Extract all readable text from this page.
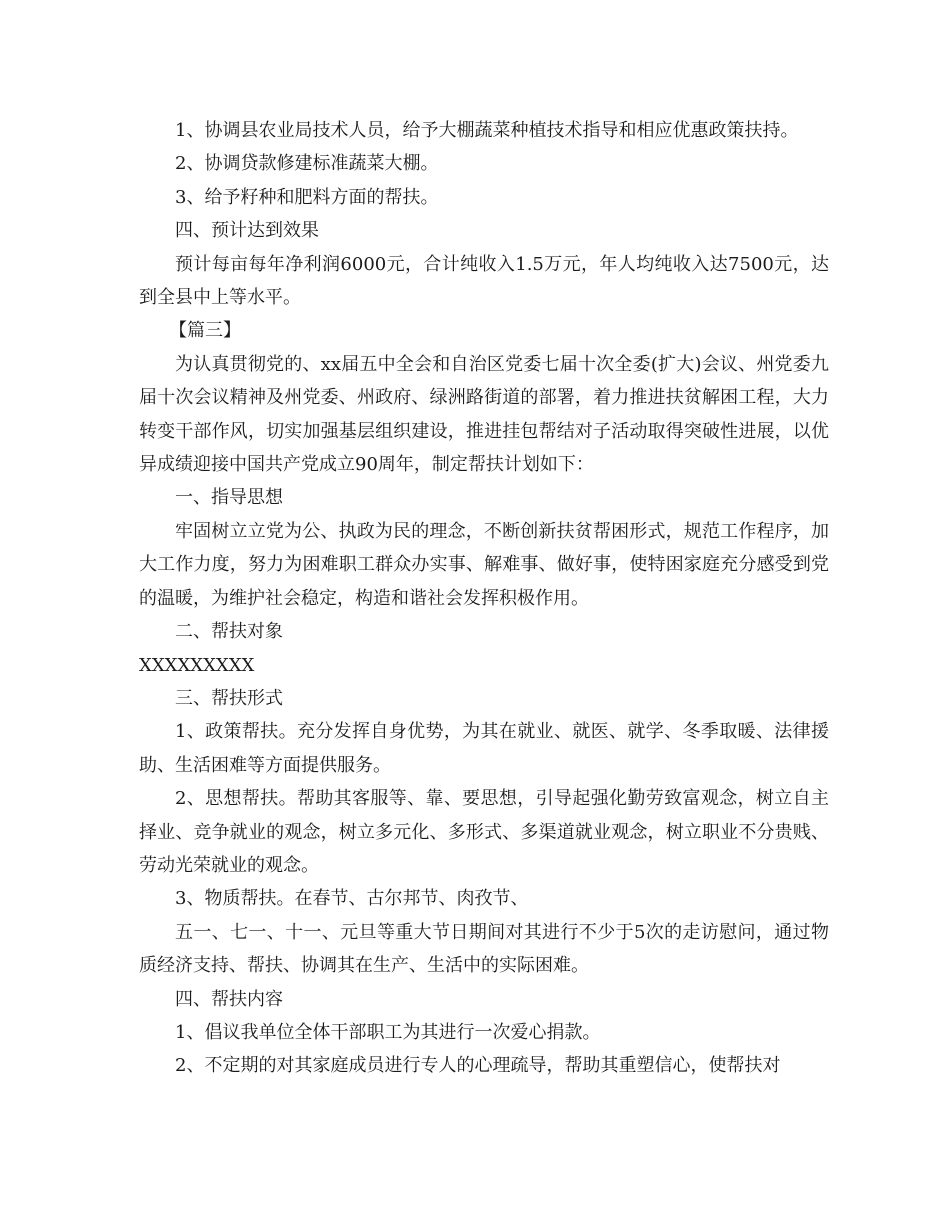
1、协调县农业局技术人员，给予大棚蔬菜种植技术指导和相应优惠政策扶持。

2、协调贷款修建标准蔬菜大棚。

3、给予籽种和肥料方面的帮扶。

四、预计达到效果

预计每亩每年净利润6000元，合计纯收入1.5万元，年人均纯收入达7500元，达到全县中上等水平。

【篇三】

为认真贯彻党的、xx届五中全会和自治区党委七届十次全委(扩大)会议、州党委九届十次会议精神及州党委、州政府、绿洲路街道的部署，着力推进扶贫解困工程，大力转变干部作风，切实加强基层组织建设，推进挂包帮结对子活动取得突破性进展，以优异成绩迎接中国共产党成立90周年，制定帮扶计划如下：

一、指导思想

牢固树立立党为公、执政为民的理念，不断创新扶贫帮困形式，规范工作程序，加大工作力度，努力为困难职工群众办实事、解难事、做好事，使特困家庭充分感受到党的温暖，为维护社会稳定，构造和谐社会发挥积极作用。

二、帮扶对象

XXXXXXXXX

三、帮扶形式

1、政策帮扶。充分发挥自身优势，为其在就业、就医、就学、冬季取暖、法律援助、生活困难等方面提供服务。

2、思想帮扶。帮助其客服等、靠、要思想，引导起强化勤劳致富观念，树立自主择业、竞争就业的观念，树立多元化、多形式、多渠道就业观念，树立职业不分贵贱、劳动光荣就业的观念。

3、物质帮扶。在春节、古尔邦节、肉孜节、

五一、七一、十一、元旦等重大节日期间对其进行不少于5次的走访慰问，通过物质经济支持、帮扶、协调其在生产、生活中的实际困难。

四、帮扶内容

1、倡议我单位全体干部职工为其进行一次爱心捐款。

2、不定期的对其家庭成员进行专人的心理疏导，帮助其重塑信心，使帮扶对
